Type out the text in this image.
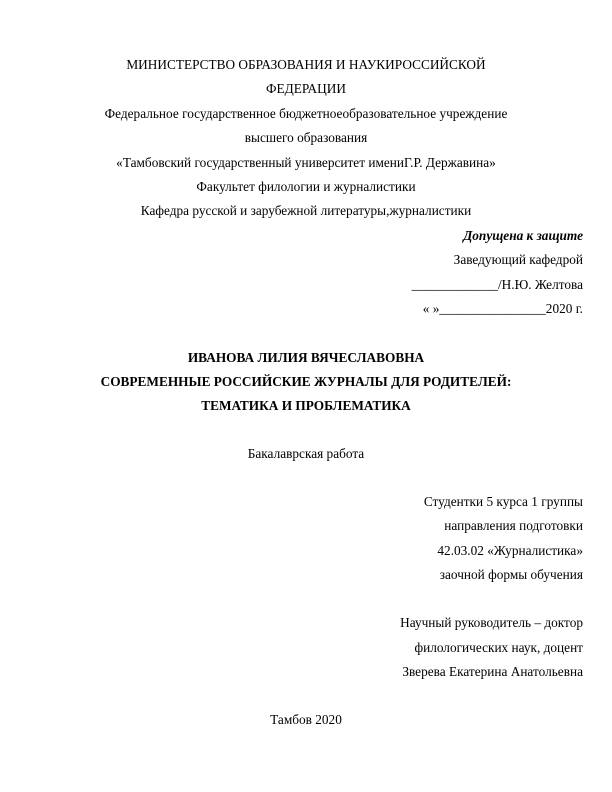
МИНИСТЕРСТВО ОБРАЗОВАНИЯ И НАУКИРОССИЙСКОЙ
ФЕДЕРАЦИИ
Федеральное государственное бюджетноеобразовательное учреждение
высшего образования
«Тамбовский государственный университет имениГ.Р. Державина»
Факультет филологии и журналистики
Кафедра русской и зарубежной литературы,журналистики
Допущена к защите
Заведующий кафедрой
_____________/Н.Ю. Желтова
« »________________2020 г.
ИВАНОВА ЛИЛИЯ ВЯЧЕСЛАВОВНА
СОВРЕМЕННЫЕ РОССИЙСКИЕ ЖУРНАЛЫ ДЛЯ РОДИТЕЛЕЙ:
ТЕМАТИКА И ПРОБЛЕМАТИКА
Бакалаврская работа
Студентки 5 курса 1 группы
направления подготовки
42.03.02 «Журналистика»
заочной формы обучения
Научный руководитель – доктор
филологических наук, доцент
Зверева Екатерина Анатольевна
Тамбов 2020
